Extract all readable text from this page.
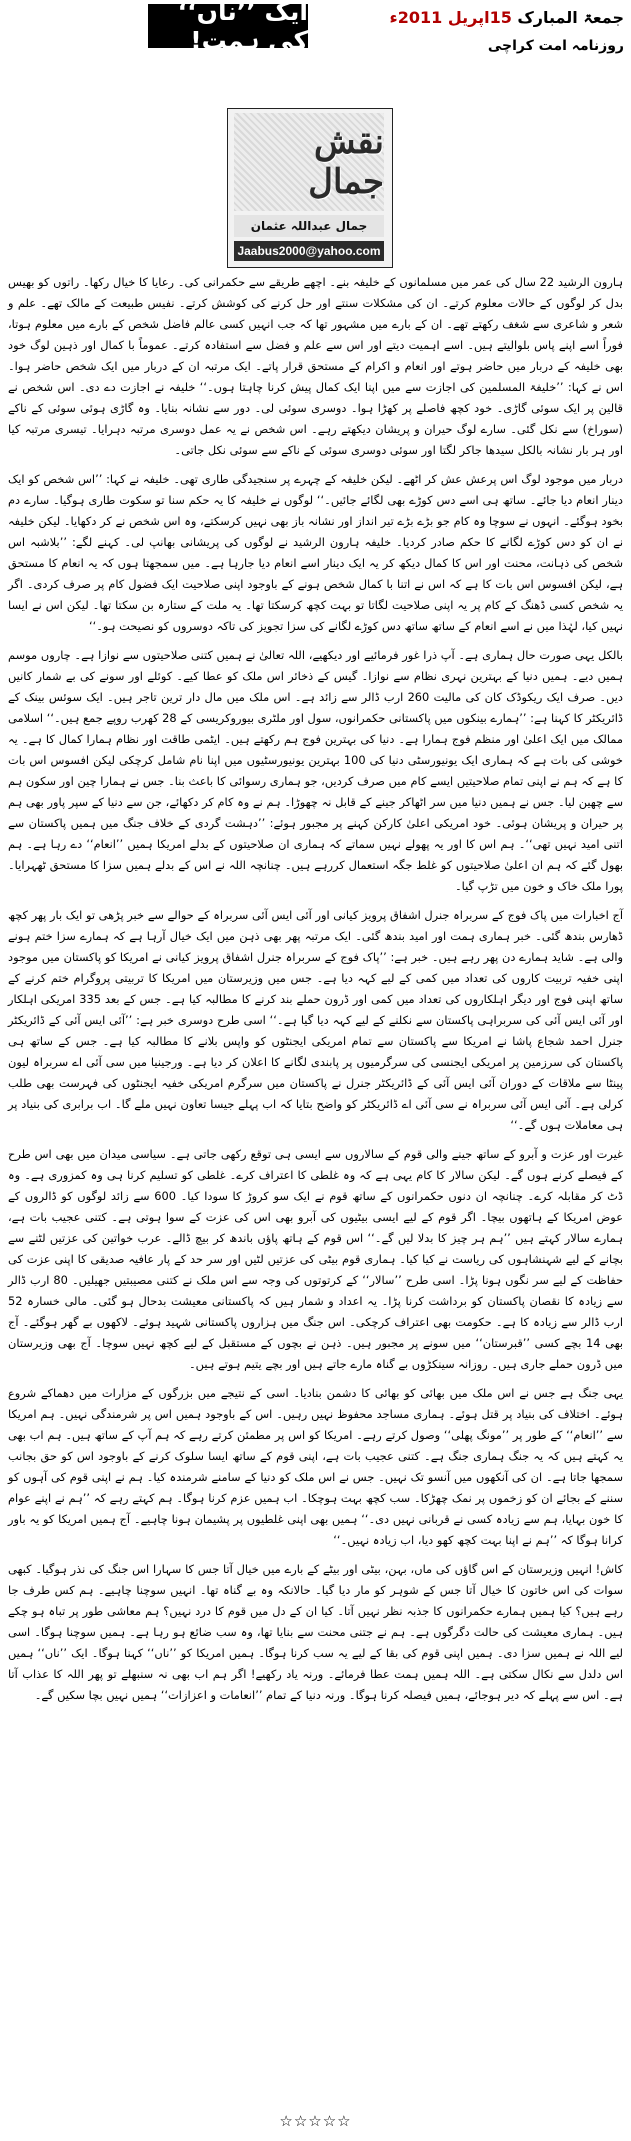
ایک ’’ناں‘‘ کی ہمت!
جمعۃ المبارک 15اپریل 2011ء
روزنامہ امت کراچی
نقش جمال
جمال عبداللہ عثمان
Jaabus2000@yahoo.com

ہارون الرشید 22 سال کی عمر میں مسلمانوں کے خلیفہ بنے۔ اچھے طریقے سے حکمرانی کی۔ رعایا کا خیال رکھا۔ راتوں کو بھیس بدل کر لوگوں کے حالات معلوم کرتے۔ ان کی مشکلات سنتے اور حل کرنے کی کوشش کرتے۔ نفیس طبیعت کے مالک تھے۔ علم و شعر و شاعری سے شغف رکھتے تھے۔ ان کے بارے میں مشہور تھا کہ جب انہیں کسی عالم فاضل شخص کے بارے میں معلوم ہوتا، فوراً اسے اپنے پاس بلوالیتے ہیں۔ اسے اہمیت دیتے اور اس سے علم و فضل سے استفادہ کرتے۔ عموماً با کمال اور ذہین لوگ خود بھی خلیفہ کے دربار میں حاضر ہوتے اور انعام و اکرام کے مستحق قرار پاتے۔ ایک مرتبہ ان کے دربار میں ایک شخص حاضر ہوا۔ اس نے کہا: ’’خلیفۃ المسلمین کی اجازت سے میں اپنا ایک کمال پیش کرنا چاہتا ہوں۔‘‘ خلیفہ نے اجازت دے دی۔ اس شخص نے قالین پر ایک سوئی گاڑی۔ خود کچھ فاصلے پر کھڑا ہوا۔ دوسری سوئی لی۔ دور سے نشانہ بنایا۔ وہ گاڑی ہوئی سوئی کے ناکے (سوراخ) سے نکل گئی۔ سارے لوگ حیران و پریشان دیکھتے رہے۔ اس شخص نے یہ عمل دوسری مرتبہ دہرایا۔ تیسری مرتبہ کیا اور ہر بار نشانہ بالکل سیدھا جاکر لگتا اور سوئی دوسری سوئی کے ناکے سے سوئی نکل جاتی۔

دربار میں موجود لوگ اس پرعش عش کر اٹھے۔ لیکن خلیفہ کے چہرے پر سنجیدگی طاری تھی۔ خلیفہ نے کہا: ’’اس شخص کو ایک دینار انعام دیا جائے۔ ساتھ ہی اسے دس کوڑے بھی لگائے جائیں۔‘‘ لوگوں نے خلیفہ کا یہ حکم سنا تو سکوت طاری ہوگیا۔ سارے دم بخود ہوگئے۔ انہوں نے سوچا وہ کام جو بڑے بڑے تیر انداز اور نشانہ باز بھی نہیں کرسکتے، وہ اس شخص نے کر دکھایا۔ لیکن خلیفہ نے ان کو دس کوڑے لگانے کا حکم صادر کردیا۔ خلیفہ ہارون الرشید نے لوگوں کی پریشانی بھانپ لی۔ کہنے لگے: ’’بلاشبہ اس شخص کی ذہانت، محنت اور اس کا کمال دیکھ کر یہ ایک دینار اسے انعام دیا جارہا ہے۔ میں سمجھتا ہوں کہ یہ انعام کا مستحق ہے، لیکن افسوس اس بات کا ہے کہ اس نے اتنا با کمال شخص ہونے کے باوجود اپنی صلاحیت ایک فضول کام پر صرف کردی۔ اگر یہ شخص کسی ڈھنگ کے کام پر یہ اپنی صلاحیت لگاتا تو بہت کچھ کرسکتا تھا۔ یہ ملت کے ستارہ بن سکتا تھا۔ لیکن اس نے ایسا نہیں کیا، لہٰذا میں نے اسے انعام کے ساتھ ساتھ دس کوڑے لگانے کی سزا تجویز کی تاکہ دوسروں کو نصیحت ہو۔‘‘

بالکل یہی صورت حال ہماری ہے۔ آپ ذرا غور فرمائیے اور دیکھیے، اللہ تعالیٰ نے ہمیں کتنی صلاحیتوں سے نوازا ہے۔ چاروں موسم ہمیں دیے۔ ہمیں دنیا کے بہترین نہری نظام سے نوازا۔ گیس کے ذخائر اس ملک کو عطا کیے۔ کوئلے اور سونے کی بے شمار کانیں دیں۔ صرف ایک ریکوڈک کان کی مالیت 260 ارب ڈالر سے زائد ہے۔ اس ملک میں مال دار ترین تاجر ہیں۔ ایک سوئس بینک کے ڈائریکٹر کا کہنا ہے: ’’ہمارے بینکوں میں پاکستانی حکمرانوں، سول اور ملٹری بیوروکریسی کے 28 کھرب روپے جمع ہیں۔‘‘ اسلامی ممالک میں ایک اعلیٰ اور منظم فوج ہمارا ہے۔ دنیا کی بہترین فوج ہم رکھتے ہیں۔ ایٹمی طاقت اور نظام ہمارا کمال کا ہے۔ یہ خوشی کی بات ہے کہ ہماری ایک یونیورسٹی دنیا کی 100 بہترین یونیورسٹیوں میں اپنا نام شامل کرچکی لیکن افسوس اس بات کا ہے کہ ہم نے اپنی تمام صلاحیتیں ایسے کام میں صرف کردیں، جو ہماری رسوائی کا باعث بنا۔ جس نے ہمارا چین اور سکون ہم سے چھین لیا۔ جس نے ہمیں دنیا میں سر اٹھاکر جینے کے قابل نہ چھوڑا۔ ہم نے وہ کام کر دکھائے، جن سے دنیا کے سپر پاور بھی ہم پر حیران و پریشان ہوئی۔ خود امریکی اعلیٰ کارکن کہنے پر مجبور ہوئے: ’’دہشت گردی کے خلاف جنگ میں ہمیں پاکستان سے اتنی امید نہیں تھی‘‘۔ ہم اس کا اور یہ پھولے نہیں سماتے کہ ہماری ان صلاحیتوں کے بدلے امریکا ہمیں ’’انعام‘‘ دے رہا ہے۔ ہم بھول گئے کہ ہم ان اعلیٰ صلاحیتوں کو غلط جگہ استعمال کررہے ہیں۔ چنانچہ اللہ نے اس کے بدلے ہمیں سزا کا مستحق ٹھہرایا۔ پورا ملک خاک و خون میں تڑپ گیا۔

آج اخبارات میں پاک فوج کے سربراہ جنرل اشفاق پرویز کیانی اور آئی ایس آئی سربراہ کے حوالے سے خبر پڑھی تو ایک بار پھر کچھ ڈھارس بندھ گئی۔ خبر ہماری ہمت اور امید بندھ گئی۔ ایک مرتبہ پھر بھی ذہن میں ایک خیال آرہا ہے کہ ہمارے سزا ختم ہونے والی ہے۔ شاید ہمارے دن پھر رہے ہیں۔ خبر ہے: ’’پاک فوج کے سربراہ جنرل اشفاق پرویز کیانی نے امریکا کو پاکستان میں موجود اپنی خفیہ تربیت کاروں کی تعداد میں کمی کے لیے کہہ دیا ہے۔ جس میں وزیرستان میں امریکا کا تربیتی پروگرام ختم کرنے کے ساتھ اپنی فوج اور دیگر اہلکاروں کی تعداد میں کمی اور ڈرون حملے بند کرنے کا مطالبہ کیا ہے۔ جس کے بعد 335 امریکی اہلکار اور آئی ایس آئی کی سربراہی پاکستان سے نکلنے کے لیے کہہ دیا گیا ہے۔‘‘ اسی طرح دوسری خبر ہے: ’’آئی ایس آئی کے ڈائریکٹر جنرل احمد شجاع پاشا نے امریکا سے پاکستان سے تمام امریکی ایجنٹوں کو واپس بلانے کا مطالبہ کیا ہے۔ جس کے ساتھ ہی پاکستان کی سرزمین پر امریکی ایجنسی کی سرگرمیوں پر پابندی لگانے کا اعلان کر دیا ہے۔ ورجینیا میں سی آئی اے سربراہ لیون پینٹا سے ملاقات کے دوران آئی ایس آئی کے ڈائریکٹر جنرل نے پاکستان میں سرگرم امریکی خفیہ ایجنٹوں کی فہرست بھی طلب کرلی ہے۔ آئی ایس آئی سربراہ نے سی آئی اے ڈائریکٹر کو واضح بتایا کہ اب پہلے جیسا تعاون نہیں ملے گا۔ اب برابری کی بنیاد پر ہی معاملات ہوں گے۔‘‘

غیرت اور عزت و آبرو کے ساتھ جینے والی قوم کے سالاروں سے ایسی ہی توقع رکھی جاتی ہے۔ سیاسی میدان میں بھی اس طرح کے فیصلے کرنے ہوں گے۔ لیکن سالار کا کام یہی ہے کہ وہ غلطی کا اعتراف کرے۔ غلطی کو تسلیم کرنا ہی وہ کمزوری ہے۔ وہ ڈٹ کر مقابلہ کرے۔ چنانچہ ان دنوں حکمرانوں کے ساتھ قوم نے ایک سو کروڑ کا سودا کیا۔ 600 سے زائد لوگوں کو ڈالروں کے عوض امریکا کے ہاتھوں بیچا۔ اگر قوم کے لیے ایسی بیٹیوں کی آبرو بھی اس کی عزت کے سوا ہوتی ہے۔ کتنی عجیب بات ہے، ہمارے سالار کہتے ہیں ’’ہم ہر چیز کا بدلا لیں گے۔‘‘ اس قوم کے ہاتھ پاؤں باندھ کر بیچ ڈالے۔ عرب خواتین کی عزتیں لٹنے سے بچانے کے لیے شہنشاہوں کی ریاست نے کیا کیا۔ ہماری قوم بیٹی کی عزتیں لٹیں اور سر حد کے پار عافیہ صدیقی کا اپنی عزت کی حفاظت کے لیے سر نگوں ہونا پڑا۔ اسی طرح ’’سالار‘‘ کے کرتوتوں کی وجہ سے اس ملک نے کتنی مصیبتیں جھیلیں۔ 80 ارب ڈالر سے زیادہ کا نقصان پاکستان کو برداشت کرنا پڑا۔ یہ اعداد و شمار ہیں کہ پاکستانی معیشت بدحال ہو گئی۔ مالی خسارہ 52 ارب ڈالر سے زیادہ کا ہے۔ حکومت بھی اعتراف کرچکی۔ اس جنگ میں ہزاروں پاکستانی شہید ہوئے۔ لاکھوں بے گھر ہوگئے۔ آج بھی 14 بچے کسی ’’قبرستان‘‘ میں سونے پر مجبور ہیں۔ ذہن نے بچوں کے مستقبل کے لیے کچھ نہیں سوچا۔ آج بھی وزیرستان میں ڈرون حملے جاری ہیں۔ روزانہ سینکڑوں بے گناہ مارے جاتے ہیں اور بچے یتیم ہوتے ہیں۔

یہی جنگ ہے جس نے اس ملک میں بھائی کو بھائی کا دشمن بنادیا۔ اسی کے نتیجے میں بزرگوں کے مزارات میں دھماکے شروع ہوئے۔ اختلاف کی بنیاد پر قتل ہوئے۔ ہماری مساجد محفوظ نہیں رہیں۔ اس کے باوجود ہمیں اس پر شرمندگی نہیں۔ ہم امریکا سے ’’انعام‘‘ کے طور پر ’’مونگ پھلی‘‘ وصول کرتے رہے۔ امریکا کو اس پر مطمئن کرتے رہے کہ ہم آپ کے ساتھ ہیں۔ ہم اب بھی یہ کہتے ہیں کہ یہ جنگ ہماری جنگ ہے۔ کتنی عجیب بات ہے، اپنی قوم کے ساتھ ایسا سلوک کرنے کے باوجود اس کو حق بجانب سمجھا جاتا ہے۔ ان کی آنکھوں میں آنسو تک نہیں۔ جس نے اس ملک کو دنیا کے سامنے شرمندہ کیا۔ ہم نے اپنی قوم کی آہوں کو سننے کے بجائے ان کو زخموں پر نمک چھڑکا۔ سب کچھ بہت ہوچکا۔ اب ہمیں عزم کرنا ہوگا۔ ہم کہتے رہے کہ ’’ہم نے اپنے عوام کا خون بہایا، ہم سے زیادہ کسی نے قربانی نہیں دی۔‘‘ ہمیں بھی اپنی غلطیوں پر پشیمان ہونا چاہیے۔ آج ہمیں امریکا کو یہ باور کرانا ہوگا کہ ’’ہم نے اپنا بہت کچھ کھو دیا، اب زیادہ نہیں۔‘‘

کاش! انہیں وزیرستان کے اس گاؤں کی ماں، بہن، بیٹی اور بیٹے کے بارے میں خیال آتا جس کا سہارا اس جنگ کی نذر ہوگیا۔ کبھی سوات کی اس خاتون کا خیال آتا جس کے شوہر کو مار دیا گیا۔ حالانکہ وہ بے گناہ تھا۔ انہیں سوچنا چاہیے۔ ہم کس طرف جا رہے ہیں؟ کیا ہمیں ہمارے حکمرانوں کا جذبہ نظر نہیں آتا۔ کیا ان کے دل میں قوم کا درد نہیں؟ ہم معاشی طور پر تباہ ہو چکے ہیں۔ ہماری معیشت کی حالت دگرگوں ہے۔ ہم نے جتنی محنت سے بنایا تھا، وہ سب ضائع ہو رہا ہے۔ ہمیں سوچنا ہوگا۔ اسی لیے اللہ نے ہمیں سزا دی۔ ہمیں اپنی قوم کی بقا کے لیے یہ سب کرنا ہوگا۔ ہمیں امریکا کو ’’ناں‘‘ کہنا ہوگا۔ ایک ’’ناں‘‘ ہمیں اس دلدل سے نکال سکتی ہے۔ اللہ ہمیں ہمت عطا فرمائے۔ ورنہ یاد رکھیے! اگر ہم اب بھی نہ سنبھلے تو پھر اللہ کا عذاب آتا ہے۔ اس سے پہلے کہ دیر ہوجائے، ہمیں فیصلہ کرنا ہوگا۔ ورنہ دنیا کے تمام ’’انعامات و اعزازات‘‘ ہمیں نہیں بچا سکیں گے۔

☆☆☆☆☆
